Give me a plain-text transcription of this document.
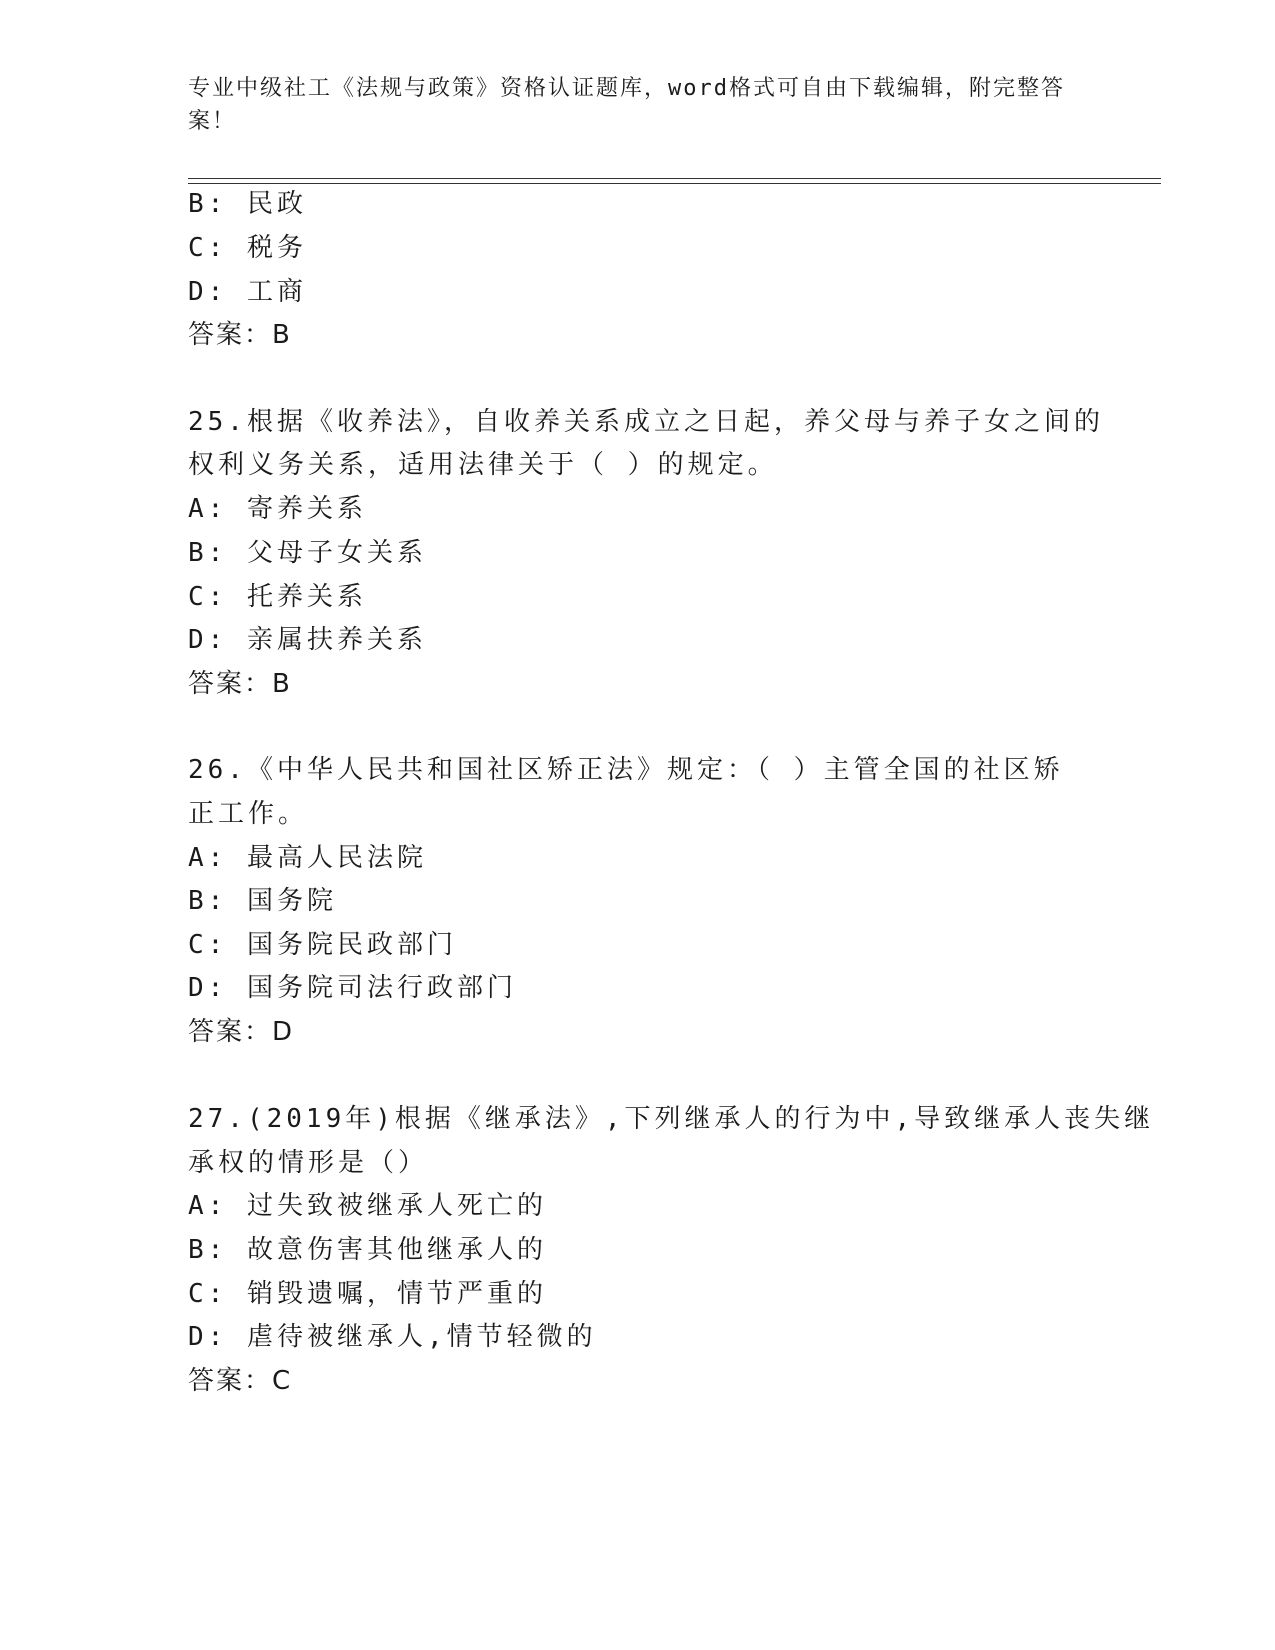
专业中级社工《法规与政策》资格认证题库，word格式可自由下载编辑，附完整答案！
B: 民政
C: 税务
D: 工商
答案：B
25.根据《收养法》，自收养关系成立之日起，养父母与养子女之间的
权利义务关系，适用法律关于（ ）的规定。
A: 寄养关系
B: 父母子女关系
C: 托养关系
D: 亲属扶养关系
答案：B
26.《中华人民共和国社区矫正法》规定：（ ）主管全国的社区矫
正工作。
A: 最高人民法院
B: 国务院
C: 国务院民政部门
D: 国务院司法行政部门
答案：D
27.(2019年)根据《继承法》,下列继承人的行为中,导致继承人丧失继
承权的情形是（）
A: 过失致被继承人死亡的
B: 故意伤害其他继承人的
C: 销毁遗嘱，情节严重的
D: 虐待被继承人,情节轻微的
答案：C
